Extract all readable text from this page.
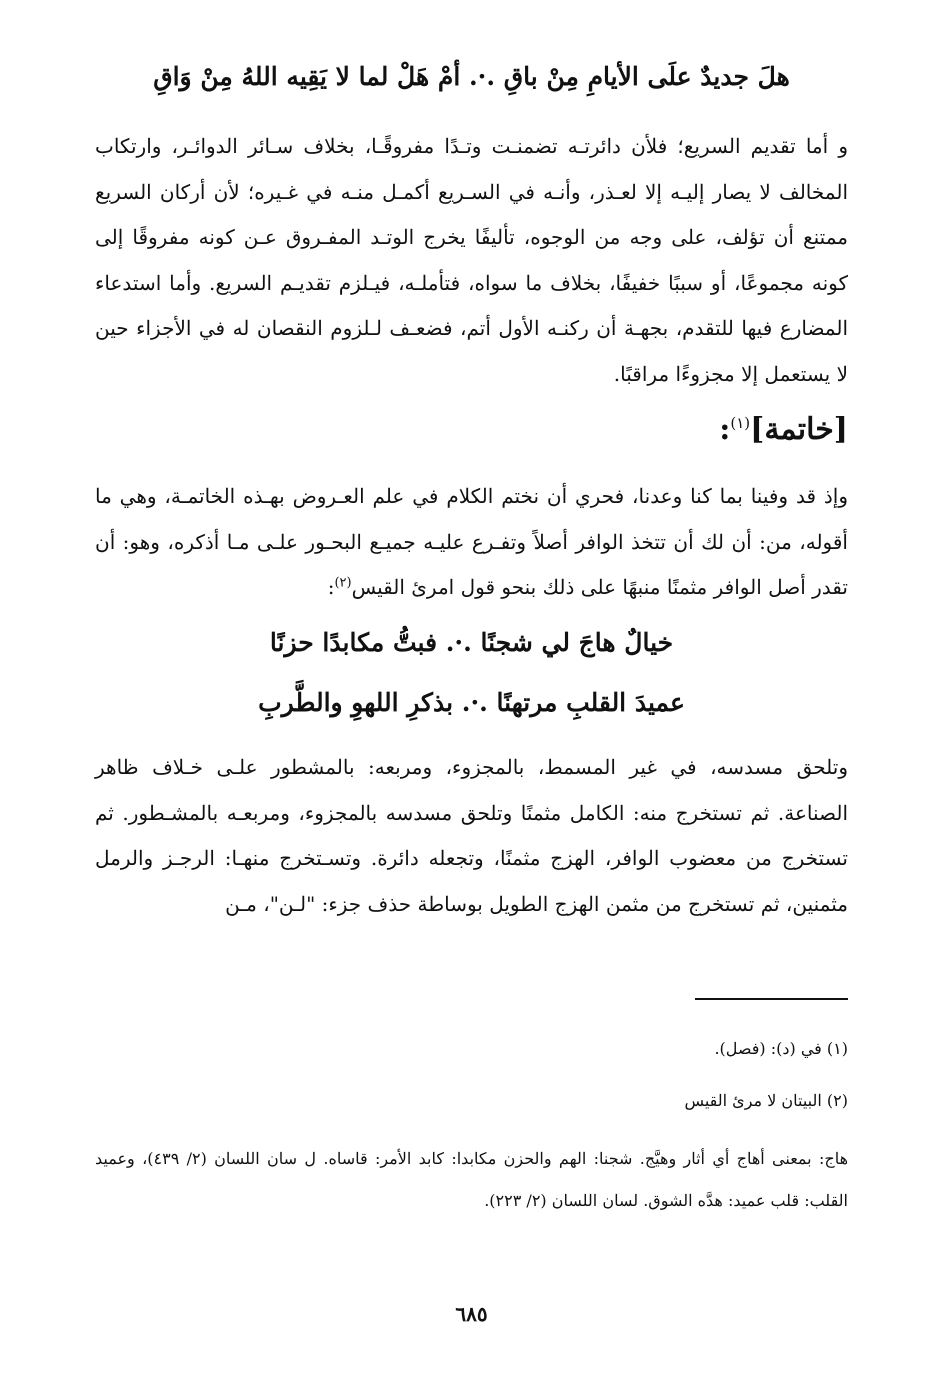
هلَ جديدٌ علَى الأيامِ مِنْ باقِ .·. أمْ هَلْ لما لا يَقِيه اللهُ مِنْ وَاقِ

و أما تقديم السريع؛ فلأن دائرتـه تضمنـت وتـدًا مفروقًـا، بخلاف سـائر الدوائـر، وارتكاب المخالف لا يصار إليـه إلا لعـذر، وأنـه في السـريع أكمـل منـه في غـيره؛ لأن أركان السريع ممتنع أن تؤلف، على وجه من الوجوه، تأليفًا يخرج الوتـد المفـروق عـن كونه مفروقًا إلى كونه مجموعًا، أو سببًا خفيفًا، بخلاف ما سواه، فتأملـه، فيـلزم تقديـم السريع. وأما استدعاء المضارع فيها للتقدم، بجهـة أن ركنـه الأول أتم، فضعـف لـلزوم النقصان له في الأجزاء حين لا يستعمل إلا مجزوءًا مراقبًا.

[خاتمة]$^{(١)}$:

وإذ قد وفينا بما كنا وعدنا، فحري أن نختم الكلام في علم العـروض بهـذه الخاتمـة، وهي ما أقوله، من: أن لك أن تتخذ الوافر أصلاً وتفـرع عليـه جميـع البحـور علـى مـا أذكره، وهو: أن تقدر أصل الوافر مثمنًا منبهًا على ذلك بنحو قول امرئ القيس$^{(٢)}$:

خيالٌ هاجَ لي شجنًا .·. فبتُّ مكابدًا حزنًا
عميدَ القلبِ مرتهنًا .·. بذكرِ اللهوِ والطَّربِ

وتلحق مسدسه، في غير المسمط، بالمجزوء، ومربعه: بالمشطور علـى خـلاف ظاهر الصناعة. ثم تستخرج منه: الكامل مثمنًا وتلحق مسدسه بالمجزوء، ومربعـه بالمشـطور. ثم تستخرج من معضوب الوافر، الهزج مثمنًا، وتجعله دائرة. وتسـتخرج منهـا: الرجـز والرمل مثمنين، ثم تستخرج من مثمن الهزج الطويل بوساطة حذف جزء: "لـن"، مـن

(١) في (د): (فصل).

(٢) البيتان لا مرئ القيس

هاج: بمعنى أهاج أي أثار وهيَّج. شجنا: الهم والحزن مكابدا: كابد الأمر: قاساه. ل سان اللسان (٢/ ٤٣٩)، وعميد القلب: قلب عميد: هدَّه الشوق. لسان اللسان (٢/ ٢٢٣).

٦٨٥
